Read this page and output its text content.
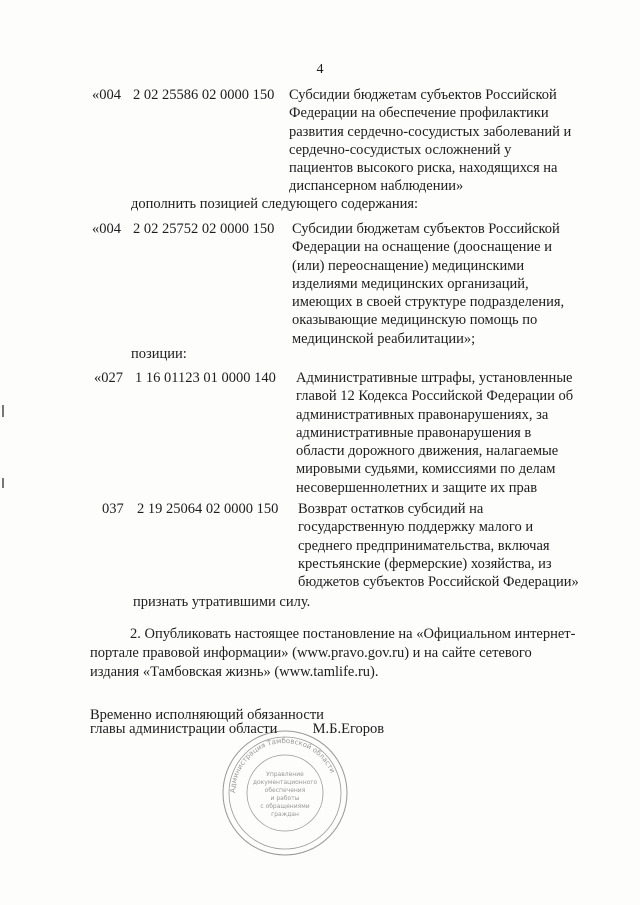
4
«004 2 02 25586 02 0000 150 Субсидии бюджетам субъектов Российской
Федерации на обеспечение профилактики
развития сердечно-сосудистых заболеваний и
сердечно-сосудистых осложнений у
пациентов высокого риска, находящихся на
диспансерном наблюдении»
дополнить позицией следующего содержания:
«004 2 02 25752 02 0000 150 Субсидии бюджетам субъектов Российской
Федерации на оснащение (дооснащение и
(или) переоснащение) медицинскими
изделиями медицинских организаций,
имеющих в своей структуре подразделения,
оказывающие медицинскую помощь по
медицинской реабилитации»;
позиции:
«027 1 16 01123 01 0000 140 Административные штрафы, установленные
главой 12 Кодекса Российской Федерации об
административных правонарушениях, за
административные правонарушения в
области дорожного движения, налагаемые
мировыми судьями, комиссиями по делам
несовершеннолетних и защите их прав
037 2 19 25064 02 0000 150 Возврат остатков субсидий на
государственную поддержку малого и
среднего предпринимательства, включая
крестьянские (фермерские) хозяйства, из
бюджетов субъектов Российской Федерации»
признать утратившими силу.
2. Опубликовать настоящее постановление на «Официальном интернет-
портале правовой информации» (www.pravo.gov.ru) и на сайте сетевого
издания «Тамбовская жизнь» (www.tamlife.ru).
Временно исполняющий обязанности
главы администрации области М.Б.Егоров
Администрация Тамбовской области
Управление
документационного
обеспечения
и работы
с обращениями
граждан
